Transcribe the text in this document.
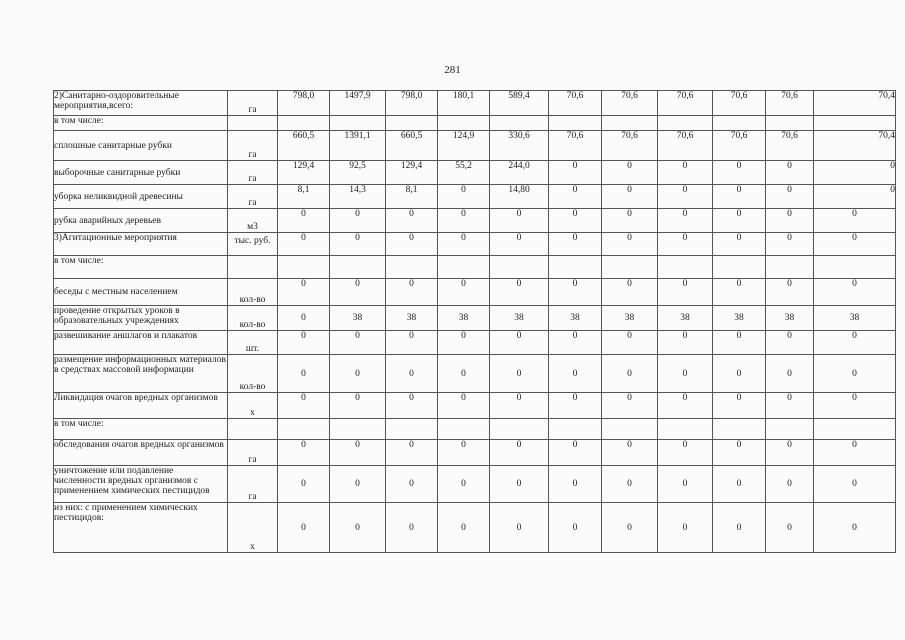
281
2)Санитарно-оздоровительные мероприятия,всего:	га	798,0	1497,9	798,0	180,1	589,4	70,6	70,6	70,6	70,6	70,6	70,4
в том числе:												
сплошные санитарные рубки	га	660,5	1391,1	660,5	124,9	330,6	70,6	70,6	70,6	70,6	70,6	70,4
выборочные санитарные рубки	га	129,4	92,5	129,4	55,2	244,0	0	0	0	0	0	0
уборка неликвидной древесины	га	8,1	14,3	8,1	0	14,80	0	0	0	0	0	0
рубка аварийных деревьев	м3	0	0	0	0	0	0	0	0	0	0	0
3)Агитационные мероприятия	тыс. руб.	0	0	0	0	0	0	0	0	0	0	0
в том числе:												
беседы с местным населением	кол-во	0	0	0	0	0	0	0	0	0	0	0
проведение открытых уроков в образовательных учреждениях	кол-во	0	38	38	38	38	38	38	38	38	38	38
развешивание аншлагов и плакатов	шт.	0	0	0	0	0	0	0	0	0	0	0
размещение информационных материалов в средствах массовой информации	кол-во	0	0	0	0	0	0	0	0	0	0	0
Ликвидация очагов вредных организмов	х	0	0	0	0	0	0	0	0	0	0	0
в том числе:												
обследования очагов вредных организмов	га	0	0	0	0	0	0	0	0	0	0	0
уничтожение или подавление численности вредных организмов с применением химических пестицидов	га	0	0	0	0	0	0	0	0	0	0	0
из них: с применением химических пестицидов:	х	0	0	0	0	0	0	0	0	0	0	0
